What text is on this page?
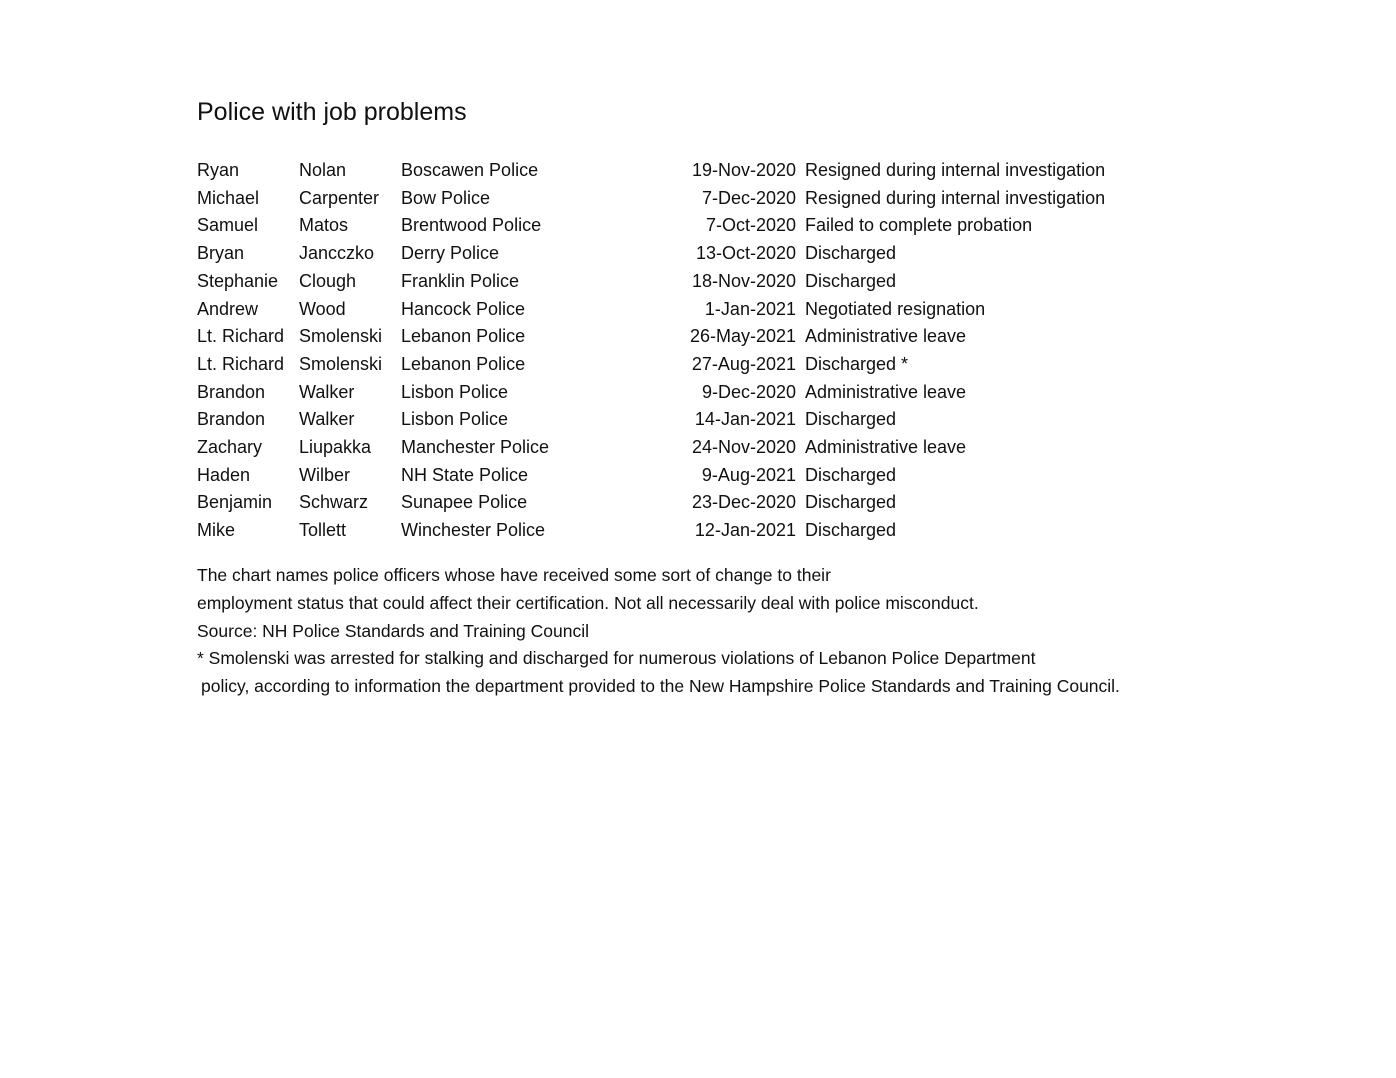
Police with job problems
Ryan	Nolan	Boscawen Police	19-Nov-2020	Resigned during internal investigation
Michael	Carpenter	Bow Police	7-Dec-2020	Resigned during internal investigation
Samuel	Matos	Brentwood Police	7-Oct-2020	Failed to complete probation
Bryan	Jancczko	Derry Police	13-Oct-2020	Discharged
Stephanie	Clough	Franklin Police	18-Nov-2020	Discharged
Andrew	Wood	Hancock Police	1-Jan-2021	Negotiated resignation
Lt. Richard	Smolenski	Lebanon Police	26-May-2021	Administrative leave
Lt. Richard	Smolenski	Lebanon Police	27-Aug-2021	Discharged *
Brandon	Walker	Lisbon Police	9-Dec-2020	Administrative leave
Brandon	Walker	Lisbon Police	14-Jan-2021	Discharged
Zachary	Liupakka	Manchester Police	24-Nov-2020	Administrative leave
Haden	Wilber	NH State Police	9-Aug-2021	Discharged
Benjamin	Schwarz	Sunapee Police	23-Dec-2020	Discharged
Mike	Tollett	Winchester Police	12-Jan-2021	Discharged
The chart names police officers whose have received some sort of change to their
employment status that could affect their certification. Not all necessarily deal with police misconduct.
Source: NH Police Standards and Training Council
* Smolenski was arrested for stalking and discharged for numerous violations of Lebanon Police Department
policy, according to information the department provided to the New Hampshire Police Standards and Training Council.
